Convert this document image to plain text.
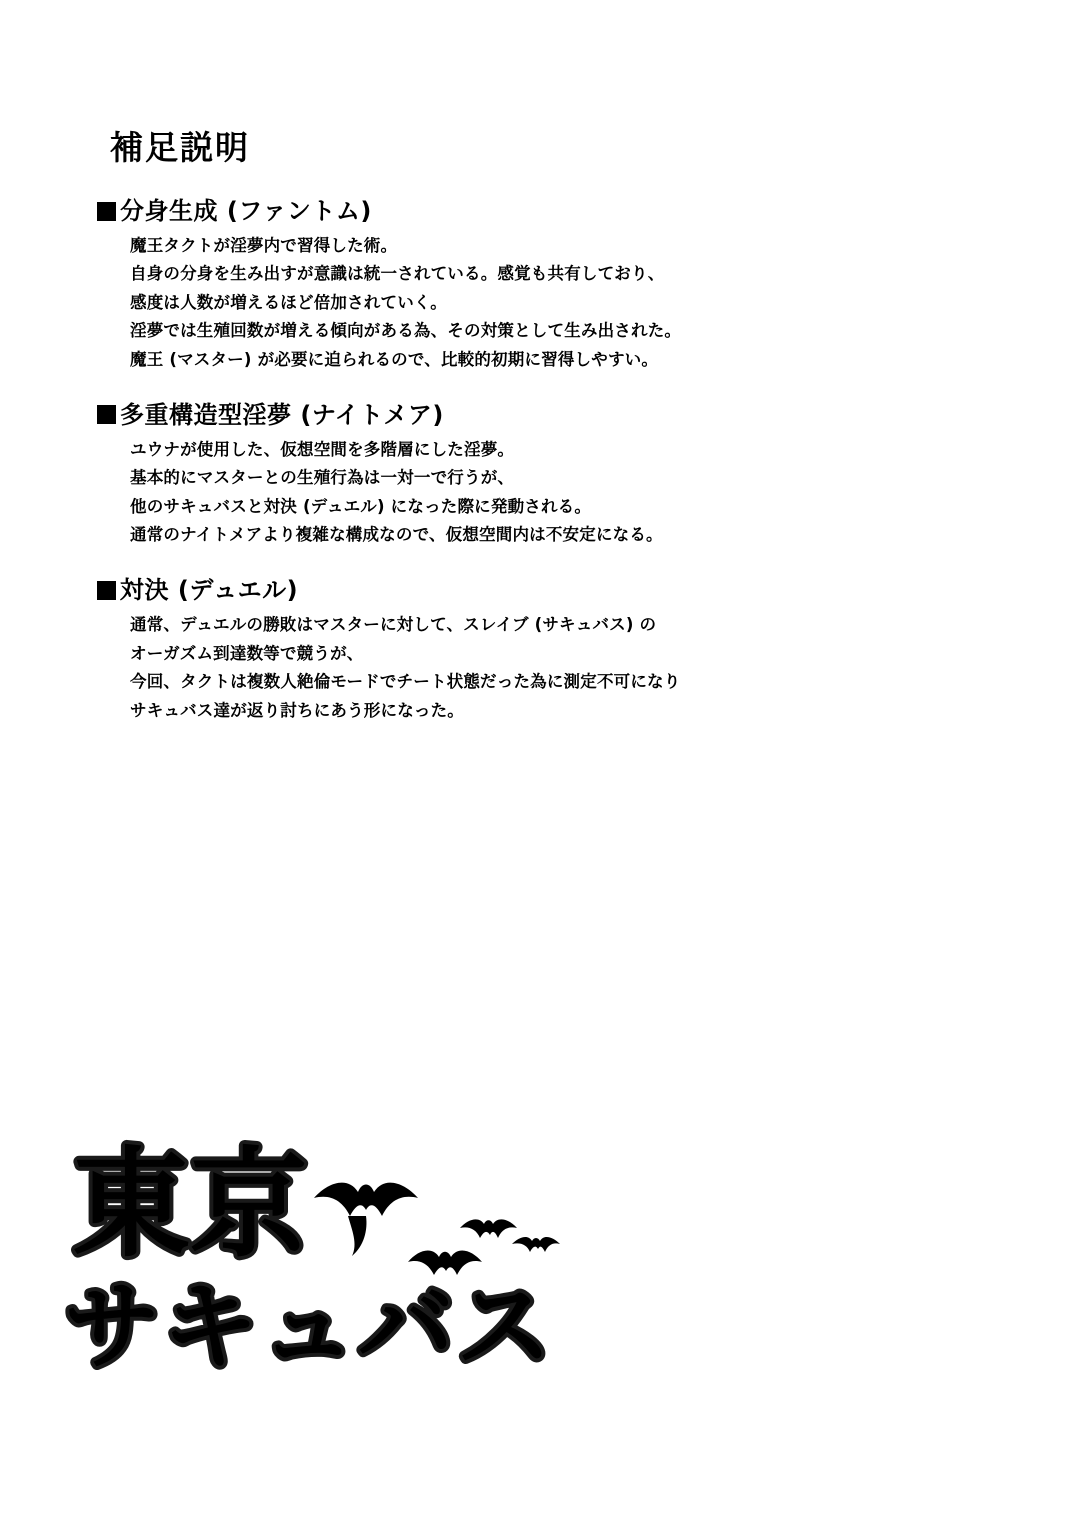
補足説明
分身生成 (ファントム)
魔王タクトが淫夢内で習得した術。
自身の分身を生み出すが意識は統一されている。感覚も共有しており、
感度は人数が増えるほど倍加されていく。
淫夢では生殖回数が増える傾向がある為、その対策として生み出された。
魔王 (マスター) が必要に迫られるので、比較的初期に習得しやすい。
多重構造型淫夢 (ナイトメア)
ユウナが使用した、仮想空間を多階層にした淫夢。
基本的にマスターとの生殖行為は一対一で行うが、
他のサキュバスと対決 (デュエル) になった際に発動される。
通常のナイトメアより複雑な構成なので、仮想空間内は不安定になる。
対決 (デュエル)
通常、デュエルの勝敗はマスターに対して、スレイブ (サキュバス) の
オーガズム到達数等で競うが、
今回、タクトは複数人絶倫モードでチート状態だった為に測定不可になり
サキュバス達が返り討ちにあう形になった。
東京
サキュバス
